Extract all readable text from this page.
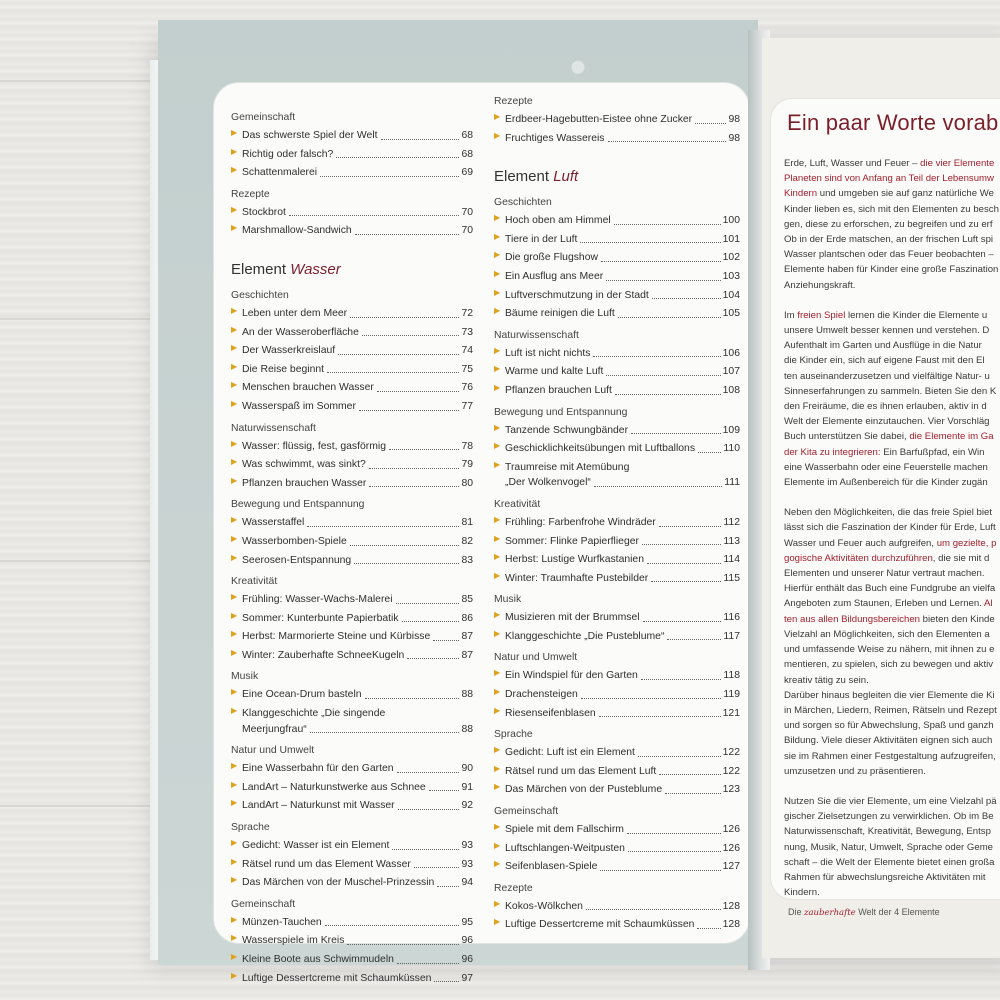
Gemeinschaft
▶ Das schwerste Spiel der Welt	68
▶ Richtig oder falsch?	68
▶ Schattenmalerei	69
Rezepte
▶ Stockbrot	70
▶ Marshmallow-Sandwich	70
Element Wasser
Geschichten
▶ Leben unter dem Meer	72
▶ An der Wasseroberfläche	73
▶ Der Wasserkreislauf	74
▶ Die Reise beginnt	75
▶ Menschen brauchen Wasser	76
▶ Wasserspaß im Sommer	77
Naturwissenschaft
▶ Wasser: flüssig, fest, gasförmig	78
▶ Was schwimmt, was sinkt?	79
▶ Pflanzen brauchen Wasser	80
Bewegung und Entspannung
▶ Wasserstaffel	81
▶ Wasserbomben-Spiele	82
▶ Seerosen-Entspannung	83
Kreativität
▶ Frühling: Wasser-Wachs-Malerei	85
▶ Sommer: Kunterbunte Papierbatik	86
▶ Herbst: Marmorierte Steine und Kürbisse	87
▶ Winter: Zauberhafte SchneeKugeln	87
Musik
▶ Eine Ocean-Drum basteln	88
▶ Klanggeschichte „Die singende
Meerjungfrau“	88
Natur und Umwelt
▶ Eine Wasserbahn für den Garten	90
▶ LandArt – Naturkunstwerke aus Schnee	91
▶ LandArt – Naturkunst mit Wasser	92
Sprache
▶ Gedicht: Wasser ist ein Element	93
▶ Rätsel rund um das Element Wasser	93
▶ Das Märchen von der Muschel-Prinzessin	94
Gemeinschaft
▶ Münzen-Tauchen	95
▶ Wasserspiele im Kreis	96
▶ Kleine Boote aus Schwimmudeln	96
▶ Luftige Dessertcreme mit Schaumküssen	97
Rezepte
▶ Erdbeer-Hagebutten-Eistee ohne Zucker	98
▶ Fruchtiges Wassereis	98
Element Luft
Geschichten
▶ Hoch oben am Himmel	100
▶ Tiere in der Luft	101
▶ Die große Flugshow	102
▶ Ein Ausflug ans Meer	103
▶ Luftverschmutzung in der Stadt	104
▶ Bäume reinigen die Luft	105
Naturwissenschaft
▶ Luft ist nicht nichts	106
▶ Warme und kalte Luft	107
▶ Pflanzen brauchen Luft	108
Bewegung und Entspannung
▶ Tanzende Schwungbänder	109
▶ Geschicklichkeitsübungen mit Luftballons	110
▶ Traumreise mit Atemübung
„Der Wolkenvogel“	111
Kreativität
▶ Frühling: Farbenfrohe Windräder	112
▶ Sommer: Flinke Papierflieger	113
▶ Herbst: Lustige Wurfkastanien	114
▶ Winter: Traumhafte Pustebilder	115
Musik
▶ Musizieren mit der Brummsel	116
▶ Klanggeschichte „Die Pusteblume“	117
Natur und Umwelt
▶ Ein Windspiel für den Garten	118
▶ Drachensteigen	119
▶ Riesenseifenblasen	121
Sprache
▶ Gedicht: Luft ist ein Element	122
▶ Rätsel rund um das Element Luft	122
▶ Das Märchen von der Pusteblume	123
Gemeinschaft
▶ Spiele mit dem Fallschirm	126
▶ Luftschlangen-Weitpusten	126
▶ Seifenblasen-Spiele	127
Rezepte
▶ Kokos-Wölkchen	128
▶ Luftige Dessertcreme mit Schaumküssen	128
Ein paar Worte vorab

Erde, Luft, Wasser und Feuer – die vier Elemente
Planeten sind von Anfang an Teil der Lebensumw
Kindern und umgeben sie auf ganz natürliche We
Kinder lieben es, sich mit den Elementen zu besch
gen, diese zu erforschen, zu begreifen und zu erf
Ob in der Erde matschen, an der frischen Luft spi
Wasser plantschen oder das Feuer beobachten –
Elemente haben für Kinder eine große Faszination
Anziehungskraft.

Im freien Spiel lernen die Kinder die Elemente u
unsere Umwelt besser kennen und verstehen. D
Aufenthalt im Garten und Ausflüge in die Natur
die Kinder ein, sich auf eigene Faust mit den El
ten auseinanderzusetzen und vielfältige Natur- u
Sinneserfahrungen zu sammeln. Bieten Sie den K
den Freiräume, die es ihnen erlauben, aktiv in d
Welt der Elemente einzutauchen. Vier Vorschläg
Buch unterstützen Sie dabei, die Elemente im Ga
der Kita zu integrieren: Ein Barfußpfad, ein Win
eine Wasserbahn oder eine Feuerstelle machen
Elemente im Außenbereich für die Kinder zugän

Neben den Möglichkeiten, die das freie Spiel biet
lässt sich die Faszination der Kinder für Erde, Luft
Wasser und Feuer auch aufgreifen, um gezielte, p
gogische Aktivitäten durchzuführen, die sie mit d
Elementen und unserer Natur vertraut machen.
Hierfür enthält das Buch eine Fundgrube an vielfa
Angeboten zum Staunen, Erleben und Lernen. Al
ten aus allen Bildungsbereichen bieten den Kinde
Vielzahl an Möglichkeiten, sich den Elementen a
und umfassende Weise zu nähern, mit ihnen zu e
mentieren, zu spielen, sich zu bewegen und aktiv
kreativ tätig zu sein.
Darüber hinaus begleiten die vier Elemente die Ki
in Märchen, Liedern, Reimen, Rätseln und Rezept
und sorgen so für Abwechslung, Spaß und ganzh
Bildung. Viele dieser Aktivitäten eignen sich auch
sie im Rahmen einer Festgestaltung aufzugreifen,
umzusetzen und zu präsentieren.

Nutzen Sie die vier Elemente, um eine Vielzahl pä
gischer Zielsetzungen zu verwirklichen. Ob im Be
Naturwissenschaft, Kreativität, Bewegung, Entsp
nung, Musik, Natur, Umwelt, Sprache oder Geme
schaft – die Welt der Elemente bietet einen großa
Rahmen für abwechslungsreiche Aktivitäten mit
Kindern.

Die zauberhafte Welt der 4 Elemente
